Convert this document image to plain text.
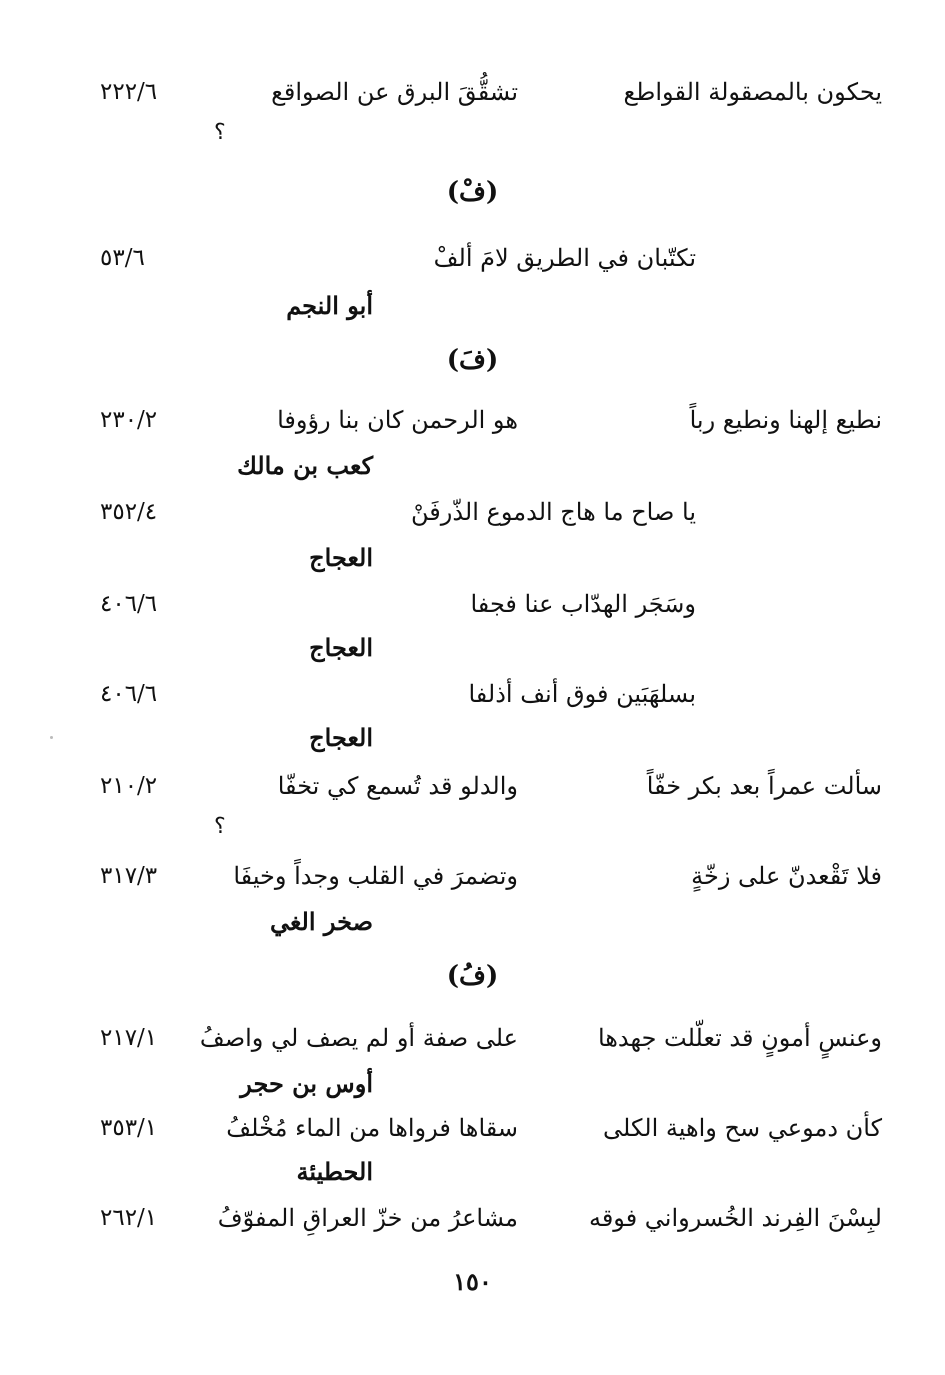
يحكون بالمصقولة القواطع
تشقُّقَ البرق عن الصواقع
٢٢٢/٦
؟
(فْ)
تكتّبان في الطريق لامَ ألفْ
٥٣/٦
أبو النجم
(فَ)
نطيع إلهنا ونطيع رباً
هو الرحمن كان بنا رؤوفا
٢٣٠/٢
كعب بن مالك
يا صاح ما هاج الدموع الذّرفَنْ
٣٥٢/٤
العجاج
وسَجَر الهدّاب عنا فجفا
٤٠٦/٦
العجاج
بسلهَبَين فوق أنف أذلفا
٤٠٦/٦
العجاج
سألت عمراً بعد بكر خفّاً
والدلو قد تُسمع كي تخفّا
٢١٠/٢
؟
فلا تَقْعدنّ على زخّةٍ
وتضمرَ في القلب وجداً وخيفَا
٣١٧/٣
صخر الغي
(فُ)
وعنسٍ أمونٍ قد تعلّلت جهدها
على صفة أو لم يصف لي واصفُ
٢١٧/١
أوس بن حجر
كأن دموعي سح واهية الكلى
سقاها فرواها من الماء مُخْلفُ
٣٥٣/١
الحطيئة
لبِسْنَ الفِرند الخُسرواني فوقه
مشاعرُ من خزّ العراقِ المفوّفُ
٢٦٢/١
١٥٠
